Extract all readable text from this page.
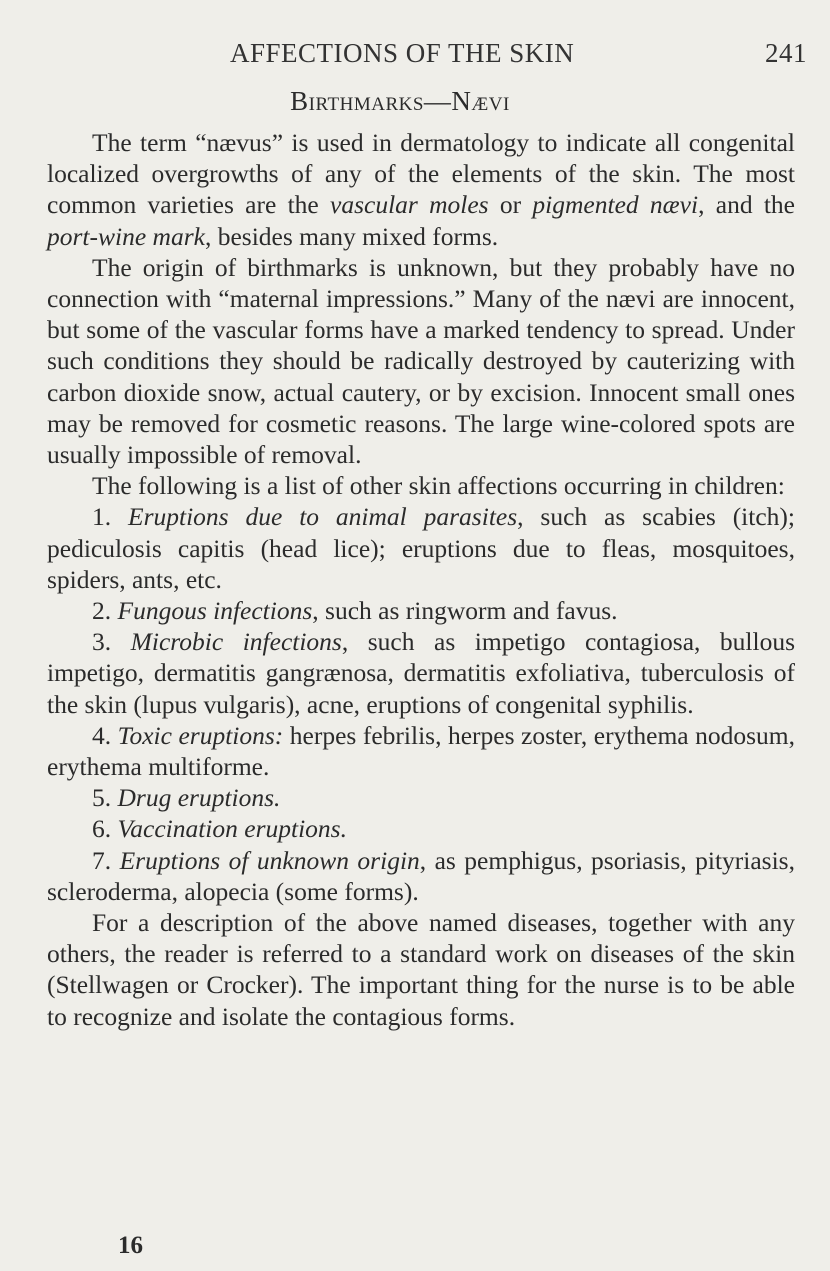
AFFECTIONS OF THE SKIN	241
Birthmarks—Nævi

The term “nævus” is used in dermatology to indicate all congenital localized overgrowths of any of the elements of the skin. The most common varieties are the vascular moles or pigmented nævi, and the port-wine mark, besides many mixed forms.

The origin of birthmarks is unknown, but they probably have no connection with “maternal impressions.” Many of the nævi are innocent, but some of the vascular forms have a marked tendency to spread. Under such conditions they should be radically destroyed by cauterizing with carbon dioxide snow, actual cautery, or by excision. Innocent small ones may be removed for cosmetic reasons. The large wine-colored spots are usually impossible of removal.

The following is a list of other skin affections occurring in children:

1. Eruptions due to animal parasites, such as scabies (itch); pediculosis capitis (head lice); eruptions due to fleas, mosquitoes, spiders, ants, etc.

2. Fungous infections, such as ringworm and favus.

3. Microbic infections, such as impetigo contagiosa, bullous impetigo, dermatitis gangrænosa, dermatitis exfoliativa, tuberculosis of the skin (lupus vulgaris), acne, eruptions of congenital syphilis.

4. Toxic eruptions: herpes febrilis, herpes zoster, erythema nodosum, erythema multiforme.

5. Drug eruptions.

6. Vaccination eruptions.

7. Eruptions of unknown origin, as pemphigus, psoriasis, pityriasis, scleroderma, alopecia (some forms).

For a description of the above named diseases, together with any others, the reader is referred to a standard work on diseases of the skin (Stellwagen or Crocker). The important thing for the nurse is to be able to recognize and isolate the contagious forms.

16
